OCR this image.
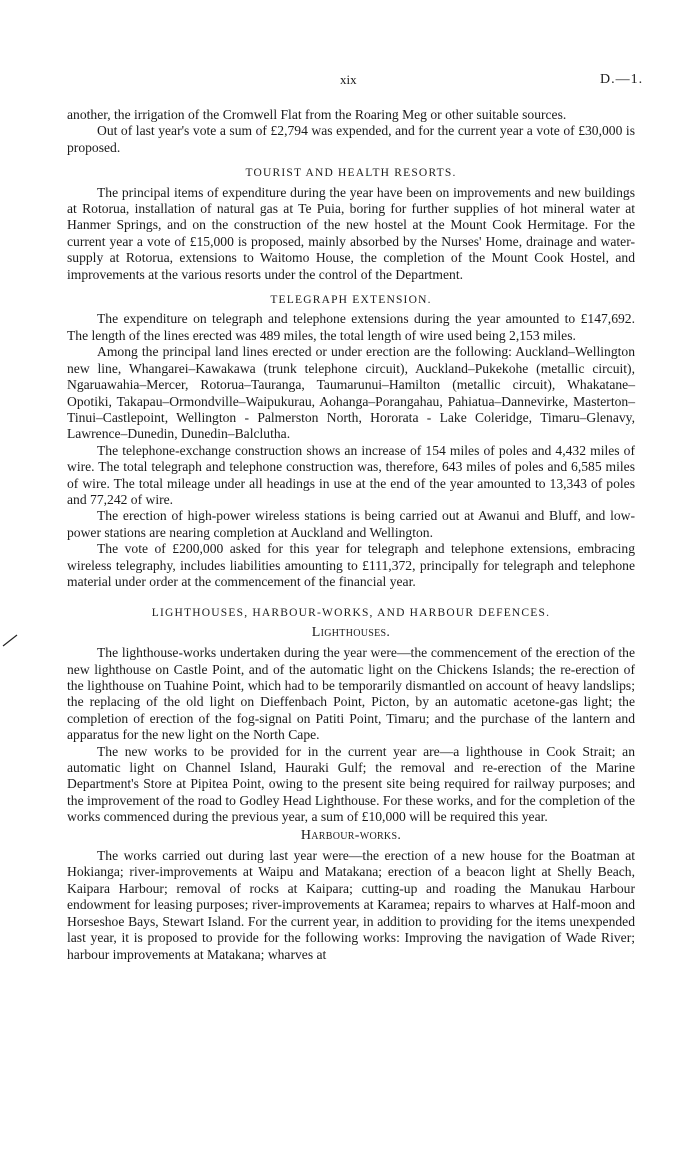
xix	D.—1.

another, the irrigation of the Cromwell Flat from the Roaring Meg or other suitable sources.

Out of last year's vote a sum of £2,794 was expended, and for the current year a vote of £30,000 is proposed.

TOURIST AND HEALTH RESORTS.

The principal items of expenditure during the year have been on improvements and new buildings at Rotorua, installation of natural gas at Te Puia, boring for further supplies of hot mineral water at Hanmer Springs, and on the construction of the new hostel at the Mount Cook Hermitage. For the current year a vote of £15,000 is proposed, mainly absorbed by the Nurses' Home, drainage and water-supply at Rotorua, extensions to Waitomo House, the completion of the Mount Cook Hostel, and improvements at the various resorts under the control of the Department.

TELEGRAPH EXTENSION.

The expenditure on telegraph and telephone extensions during the year amounted to £147,692. The length of the lines erected was 489 miles, the total length of wire used being 2,153 miles.

Among the principal land lines erected or under erection are the following: Auckland–Wellington new line, Whangarei–Kawakawa (trunk telephone circuit), Auckland–Pukekohe (metallic circuit), Ngaruawahia–Mercer, Rotorua–Tauranga, Taumarunui–Hamilton (metallic circuit), Whakatane–Opotiki, Takapau–Ormondville–Waipukurau, Aohanga–Porangahau, Pahiatua–Dannevirke, Masterton–Tinui–Castlepoint, Wellington - Palmerston North, Hororata - Lake Coleridge, Timaru–Glenavy, Lawrence–Dunedin, Dunedin–Balclutha.

The telephone-exchange construction shows an increase of 154 miles of poles and 4,432 miles of wire. The total telegraph and telephone construction was, therefore, 643 miles of poles and 6,585 miles of wire. The total mileage under all headings in use at the end of the year amounted to 13,343 of poles and 77,242 of wire.

The erection of high-power wireless stations is being carried out at Awanui and Bluff, and low-power stations are nearing completion at Auckland and Wellington.

The vote of £200,000 asked for this year for telegraph and telephone extensions, embracing wireless telegraphy, includes liabilities amounting to £111,372, principally for telegraph and telephone material under order at the commencement of the financial year.

LIGHTHOUSES, HARBOUR-WORKS, AND HARBOUR DEFENCES.
Lighthouses.

The lighthouse-works undertaken during the year were—the commencement of the erection of the new lighthouse on Castle Point, and of the automatic light on the Chickens Islands; the re-erection of the lighthouse on Tuahine Point, which had to be temporarily dismantled on account of heavy landslips; the replacing of the old light on Dieffenbach Point, Picton, by an automatic acetone-gas light; the completion of erection of the fog-signal on Patiti Point, Timaru; and the purchase of the lantern and apparatus for the new light on the North Cape.

The new works to be provided for in the current year are—a lighthouse in Cook Strait; an automatic light on Channel Island, Hauraki Gulf; the removal and re-erection of the Marine Department's Store at Pipitea Point, owing to the present site being required for railway purposes; and the improvement of the road to Godley Head Lighthouse. For these works, and for the completion of the works commenced during the previous year, a sum of £10,000 will be required this year.

Harbour-works.

The works carried out during last year were—the erection of a new house for the Boatman at Hokianga; river-improvements at Waipu and Matakana; erection of a beacon light at Shelly Beach, Kaipara Harbour; removal of rocks at Kaipara; cutting-up and roading the Manukau Harbour endowment for leasing purposes; river-improvements at Karamea; repairs to wharves at Half-moon and Horseshoe Bays, Stewart Island. For the current year, in addition to providing for the items unexpended last year, it is proposed to provide for the following works: Improving the navigation of Wade River; harbour improvements at Matakana; wharves at
